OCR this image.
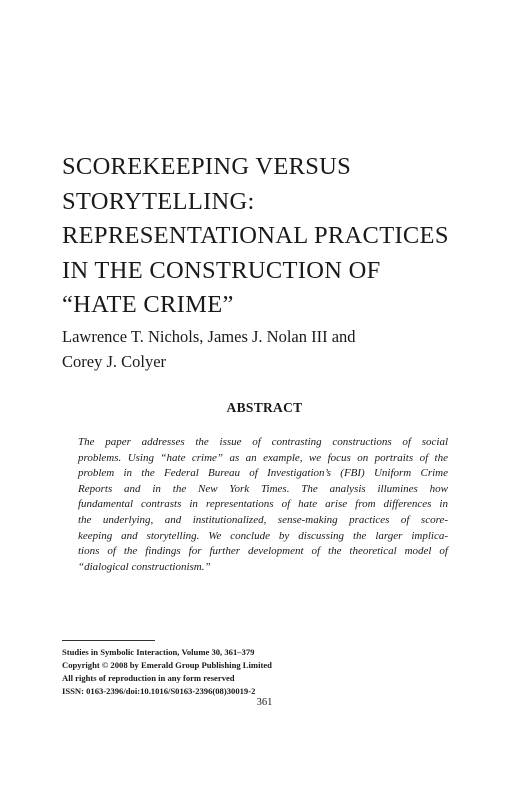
SCOREKEEPING VERSUS
STORYTELLING:
REPRESENTATIONAL PRACTICES
IN THE CONSTRUCTION OF
“HATE CRIME”
Lawrence T. Nichols, James J. Nolan III and
Corey J. Colyer
ABSTRACT
The paper addresses the issue of contrasting constructions of social
problems. Using “hate crime” as an example, we focus on portraits of the
problem in the Federal Bureau of Investigation’s (FBI) Uniform Crime
Reports and in the New York Times. The analysis illumines how
fundamental contrasts in representations of hate arise from differences in
the underlying, and institutionalized, sense-making practices of score-
keeping and storytelling. We conclude by discussing the larger implica-
tions of the findings for further development of the theoretical model of
“dialogical constructionism.”
Studies in Symbolic Interaction, Volume 30, 361–379
Copyright © 2008 by Emerald Group Publishing Limited
All rights of reproduction in any form reserved
ISSN: 0163-2396/doi:10.1016/S0163-2396(08)30019-2
361
